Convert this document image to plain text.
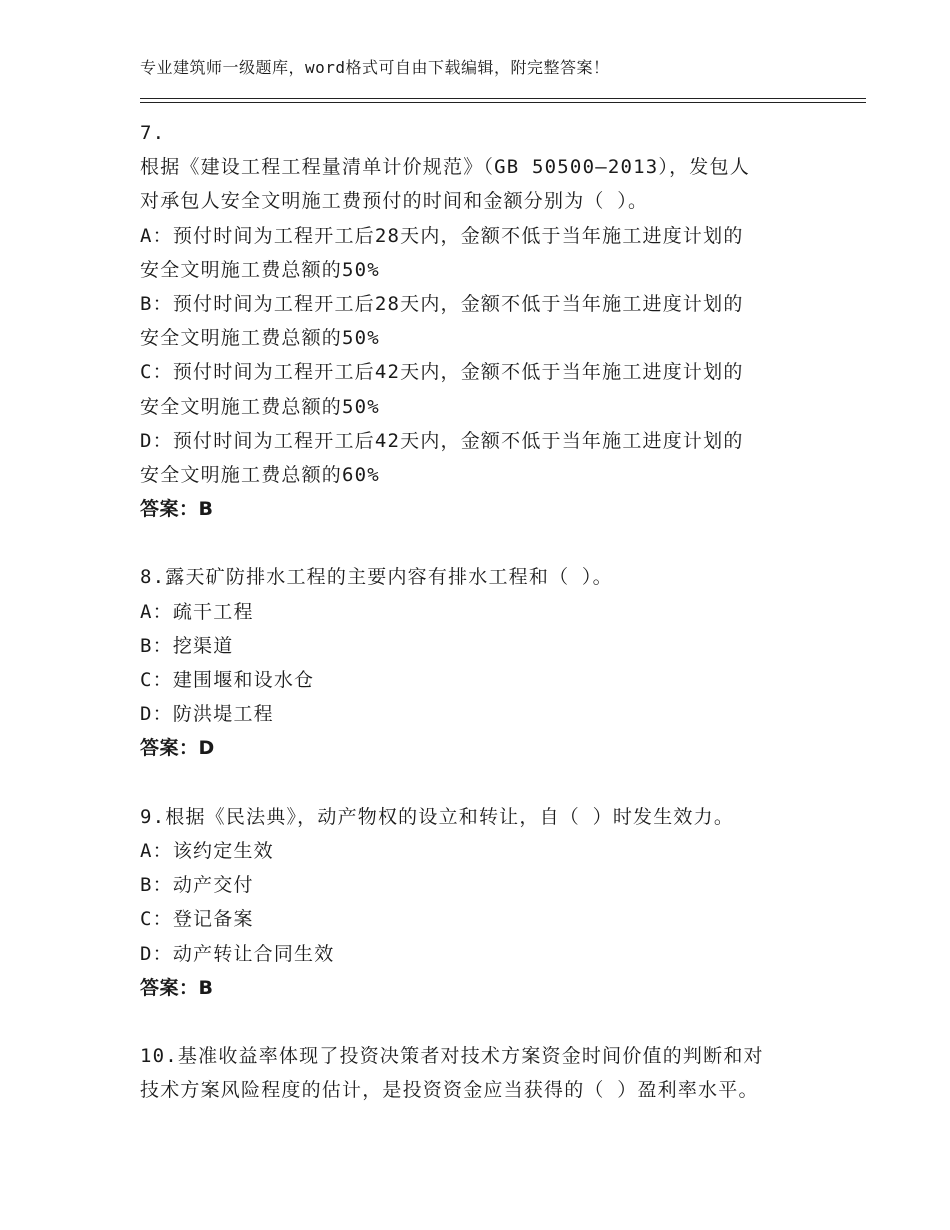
专业建筑师一级题库，word格式可自由下载编辑，附完整答案！
7.
根据《建设工程工程量清单计价规范》（GB 50500—2013），发包人
对承包人安全文明施工费预付的时间和金额分别为（ ）。
A：预付时间为工程开工后28天内，金额不低于当年施工进度计划的
安全文明施工费总额的50%
B：预付时间为工程开工后28天内，金额不低于当年施工进度计划的
安全文明施工费总额的50%
C：预付时间为工程开工后42天内，金额不低于当年施工进度计划的
安全文明施工费总额的50%
D：预付时间为工程开工后42天内，金额不低于当年施工进度计划的
安全文明施工费总额的60%
答案：B
8.露天矿防排水工程的主要内容有排水工程和（ ）。
A：疏干工程
B：挖渠道
C：建围堰和设水仓
D：防洪堤工程
答案：D
9.根据《民法典》，动产物权的设立和转让，自（ ）时发生效力。
A：该约定生效
B：动产交付
C：登记备案
D：动产转让合同生效
答案：B
10.基准收益率体现了投资决策者对技术方案资金时间价值的判断和对
技术方案风险程度的估计，是投资资金应当获得的（ ）盈利率水平。
